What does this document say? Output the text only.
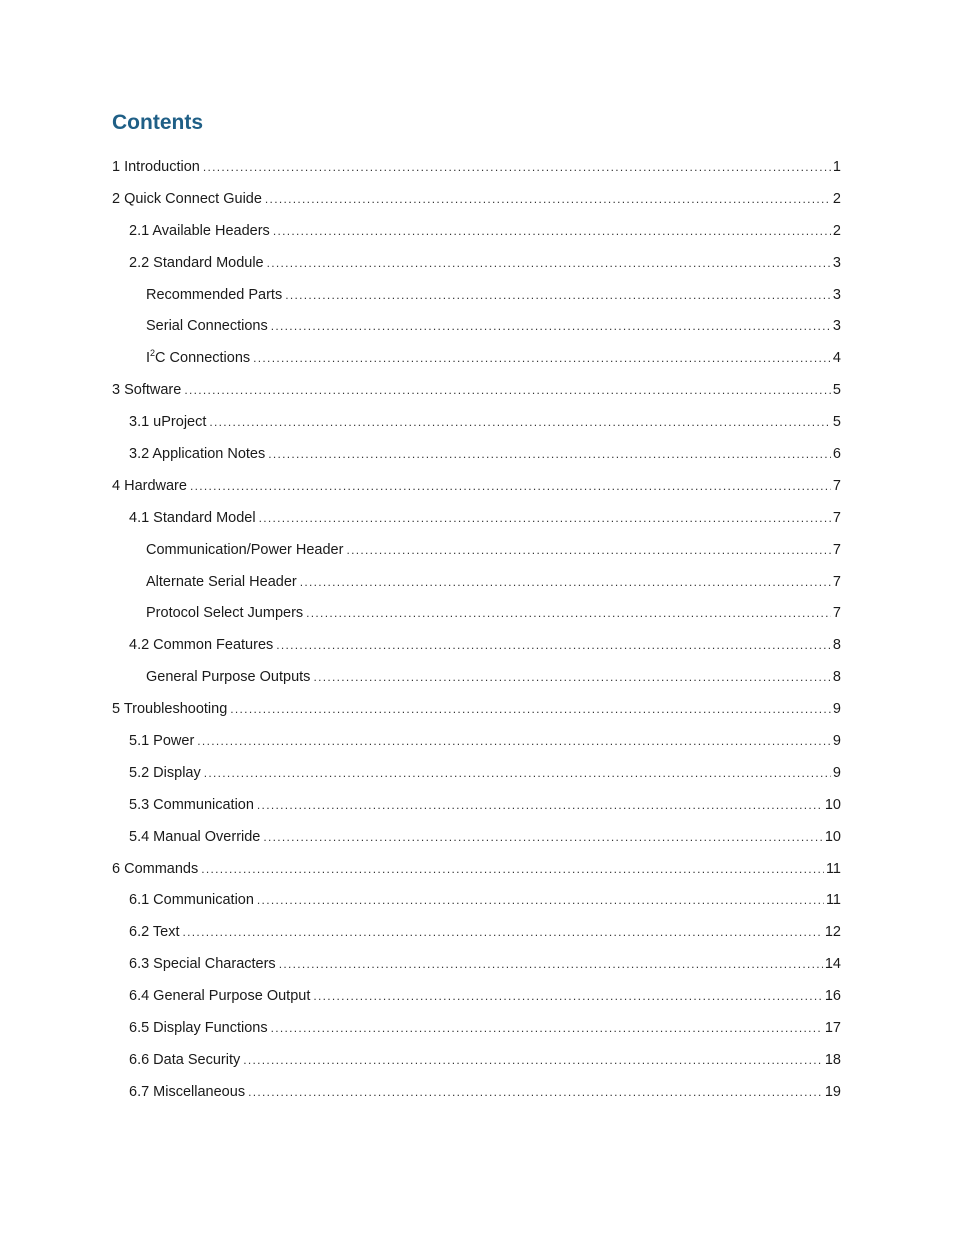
Contents
1 Introduction .....	1
2 Quick Connect Guide .....	2
2.1 Available Headers .....	2
2.2 Standard Module .....	3
Recommended Parts .....	3
Serial Connections .....	3
$I^2C$ Connections .....	4
3 Software .....	5
3.1 uProject .....	5
3.2 Application Notes .....	6
4 Hardware .....	7
4.1 Standard Model .....	7
Communication/Power Header .....	7
Alternate Serial Header .....	7
Protocol Select Jumpers .....	7
4.2 Common Features .....	8
General Purpose Outputs .....	8
5 Troubleshooting .....	9
5.1 Power .....	9
5.2 Display .....	9
5.3 Communication .....	10
5.4 Manual Override .....	10
6 Commands .....	11
6.1 Communication .....	11
6.2 Text .....	12
6.3 Special Characters .....	14
6.4 General Purpose Output .....	16
6.5 Display Functions .....	17
6.6 Data Security .....	18
6.7 Miscellaneous .....	19
